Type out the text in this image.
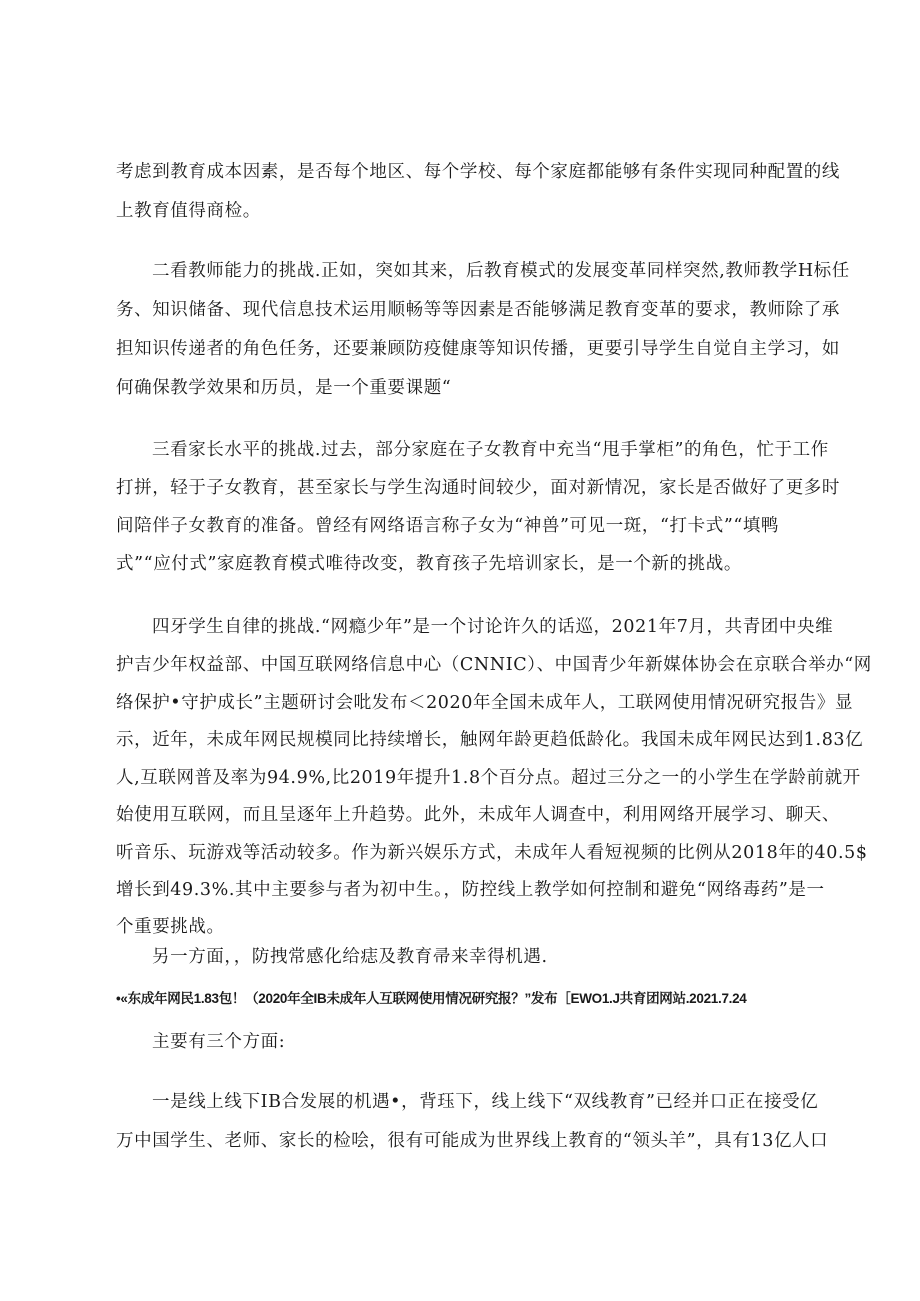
考虑到教育成本因素，是否每个地区、每个学校、每个家庭都能够有条件实现同种配置的线
上教育值得商检。
二看教师能力的挑战.正如，突如其来，后教育模式的发展变革同样突然,教师教学H标任
务、知识储备、现代信息技术运用顺畅等等因素是否能够满足教育变革的要求，教师除了承
担知识传递者的角色任务，还要兼顾防疫健康等知识传播，更要引导学生自觉自主学习，如
何确保教学效果和历员，是一个重要课题“
三看家长水平的挑战.过去，部分家庭在子女教育中充当“甩手掌柜”的角色，忙于工作
打拼，轻于子女教育，甚至家长与学生沟通时间较少，面对新情况，家长是否做好了更多时
间陪伴子女教育的准备。曾经有网络语言称子女为“神兽”可见一斑，“打卡式”“填鸭
式”“应付式”家庭教育模式唯待改变，教育孩子先培训家长，是一个新的挑战。
四牙学生自律的挑战.“网瘾少年”是一个讨论许久的话巡，2021年7月，共青团中央维
护吉少年权益部、中国互联网络信息中心（CNNIC）、中国青少年新媒体协会在京联合举办“网
络保护•守护成长”主题研讨会吡发布＜2020年全国未成年人，工联网使用情况研究报告》显
示，近年，未成年网民规模同比持续增长，触网年龄更趋低龄化。我国未成年网民达到1.83亿
人,互联网普及率为94.9%,比2019年提升1.8个百分点。超过三分之一的小学生在学龄前就开
始使用互联网，而且呈逐年上升趋势。此外，未成年人调查中，利用网络开展学习、聊天、
听音乐、玩游戏等活动较多。作为新兴娱乐方式，未成年人看短视频的比例从2018年的40.5$
增长到49.3%.其中主要参与者为初中生。，防控线上教学如何控制和避免“网络毒药”是一
个重要挑战。
另一方面，，防拽常感化给痣及教育帚来幸得机遇.
•«东成年网民1.83包！（2020年全IB未成年人互联网使用情况研究报？”发布［EWO1.J共育团网站.2021.7.24
主要有三个方面:
一是线上线下IB合发展的机遇•，背珏下，线上线下“双线教育”已经并口正在接受亿
万中国学生、老师、家长的检哙，很有可能成为世界线上教育的“领头羊”，具有13亿人口
